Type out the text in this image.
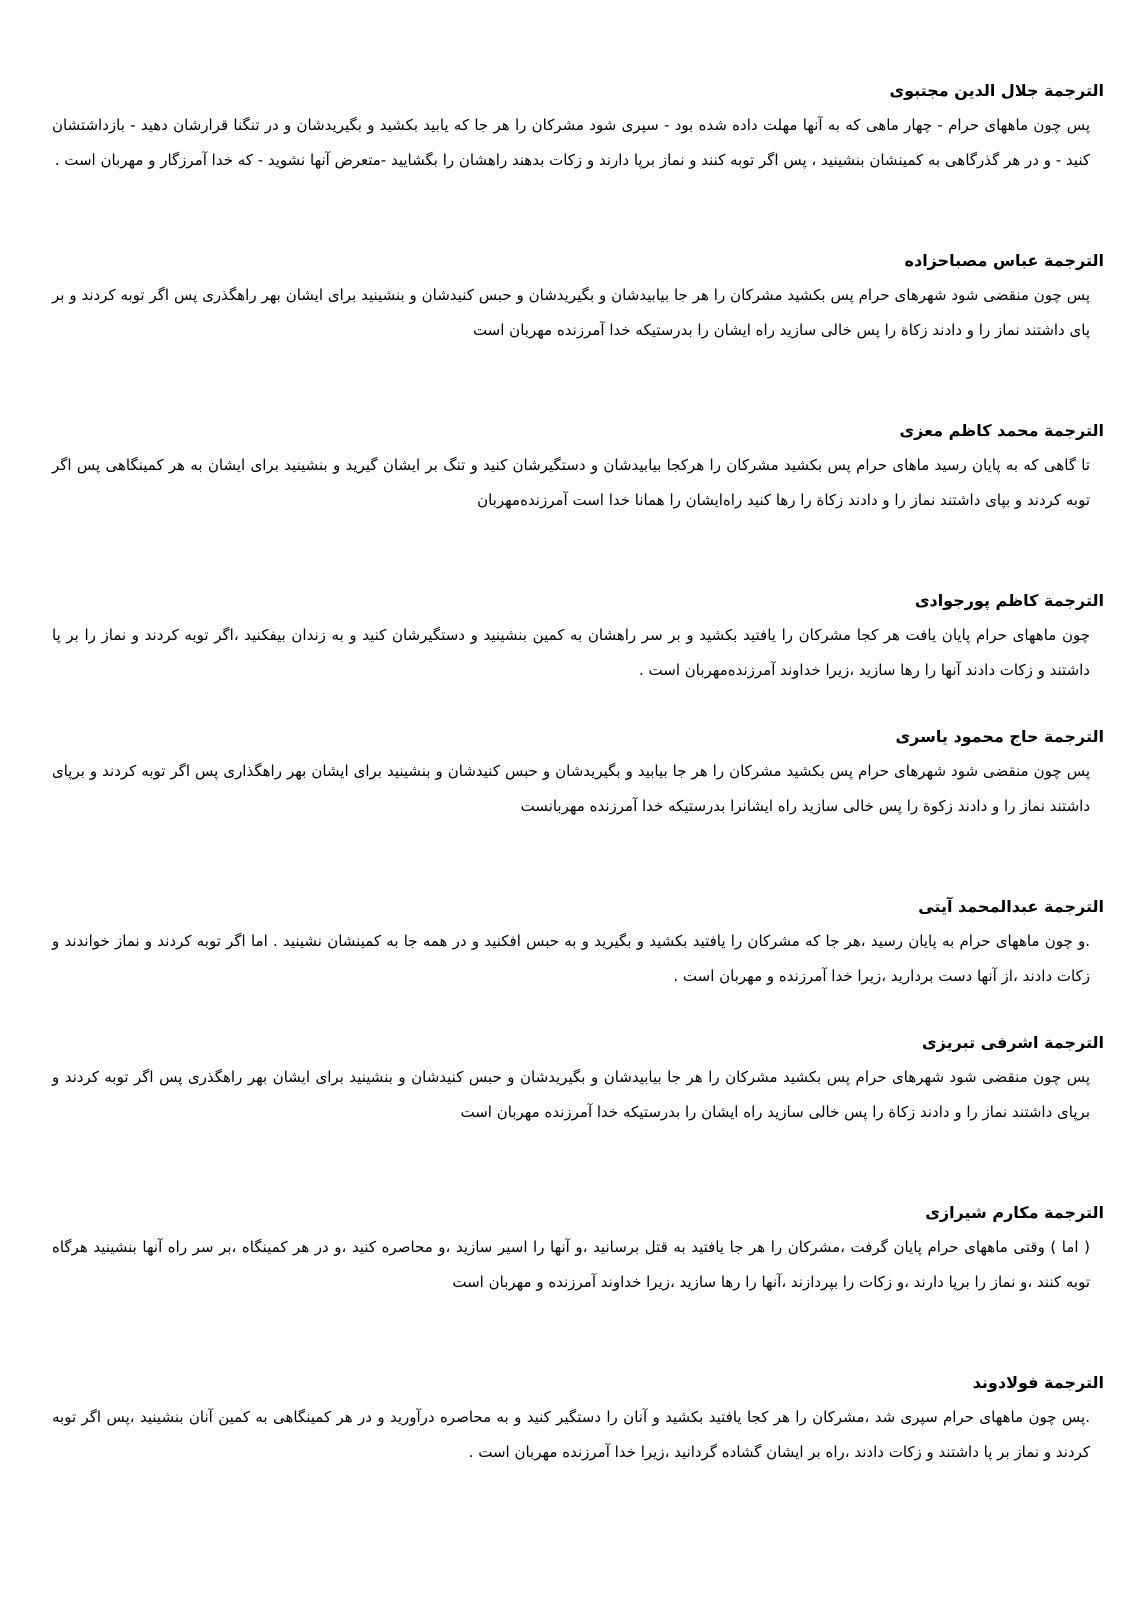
الترجمة جلال الدين مجتبوی

پس چون ماههای حرام - چهار ماهی که به آنها مهلت داده شده بود - سپری شود مشرکان را هر جا که یابید بکشید و بگیریدشان و در تنگنا قرارشان دهید - بازداشتشان کنید - و در هر گذرگاهی به کمینشان بنشینید ، پس اگر توبه کنند و نماز برپا دارند و زکات بدهند راهشان را بگشایید -متعرض آنها نشوید - که خدا آمرزگار و مهربان است .

الترجمة عباس مصباحزاده

پس چون منقضی شود شهرهای حرام پس بکشید مشرکان را هر جا بیابیدشان و بگیریدشان و حبس کنیدشان و بنشینید برای ایشان بهر راهگذری پس اگر توبه کردند و بر پای داشتند نماز را و دادند زکاة را پس خالی سازید راه ایشان را بدرستیکه خدا آمرزنده مهربان است

الترجمة محمد کاظم معزی

تا گاهی که به پایان رسید ماهای حرام پس بکشید مشرکان را هرکجا بیابیدشان و دستگیرشان کنید و تنگ بر ایشان گیرید و بنشینید برای ایشان به هر کمینگاهی پس اگر توبه کردند و بپای داشتند نماز را و دادند زکاة را رها کنید راه‌ایشان را همانا خدا است آمرزنده‌مهربان

الترجمة کاظم پورجوادی

چون ماههای حرام پایان یافت هر کجا مشرکان را یافتید بکشید و بر سر راهشان به کمین بنشینید و دستگیرشان کنید و به زندان بیفکنید ،اگر توبه کردند و نماز را بر پا داشتند و زکات دادند آنها را رها سازید ،زیرا خداوند آمرزنده‌مهربان است .

الترجمة حاج محمود یاسری

پس چون منقضی شود شهرهای حرام پس بکشید مشرکان را هر جا بیابید و بگیریدشان و حبس کنیدشان و بنشینید برای ایشان بهر راهگذاری پس اگر توبه کردند و برپای داشتند نماز را و دادند زکوة را پس خالی سازید راه ایشانرا بدرستیکه خدا آمرزنده مهربانست

الترجمة عبدالمحمد آیتی

.و چون ماههای حرام به پایان رسید ،هر جا که مشرکان را یافتید بکشید و بگیرید و به حبس افکنید و در همه جا به کمینشان نشینید . اما اگر توبه کردند و نماز خواندند و زکات دادند ،از آنها دست بردارید ،زیرا خدا آمرزنده و مهربان است .

الترجمة اشرفی تبریزی

پس چون منقضی شود شهرهای حرام پس بکشید مشرکان را هر جا بیابیدشان و بگیریدشان و حبس کنیدشان و بنشینید برای ایشان بهر راهگذری پس اگر توبه کردند و برپای داشتند نماز را و دادند زکاة را پس خالی سازید راه ایشان را بدرستیکه خدا آمرزنده مهربان است

الترجمة مکارم شیرازی

( اما ) وقتی ماههای حرام پایان گرفت ،مشرکان را هر جا یافتید به قتل برسانید ،و آنها را اسیر سازید ،و محاصره کنید ،و در هر کمینگاه ،بر سر راه آنها بنشینید هرگاه توبه کنند ،و نماز را برپا دارند ،و زکات را بپردازند ،آنها را رها سازید ،زیرا خداوند آمرزنده و مهربان است

الترجمة فولادوند

.پس چون ماههای حرام سپری شد ،مشرکان را هر کجا یافتید بکشید و آنان را دستگیر کنید و به محاصره درآورید و در هر کمینگاهی به کمین آنان بنشینید ،پس اگر توبه کردند و نماز بر پا داشتند و زکات دادند ،راه بر ایشان گشاده گردانید ،زیرا خدا آمرزنده مهربان است .
